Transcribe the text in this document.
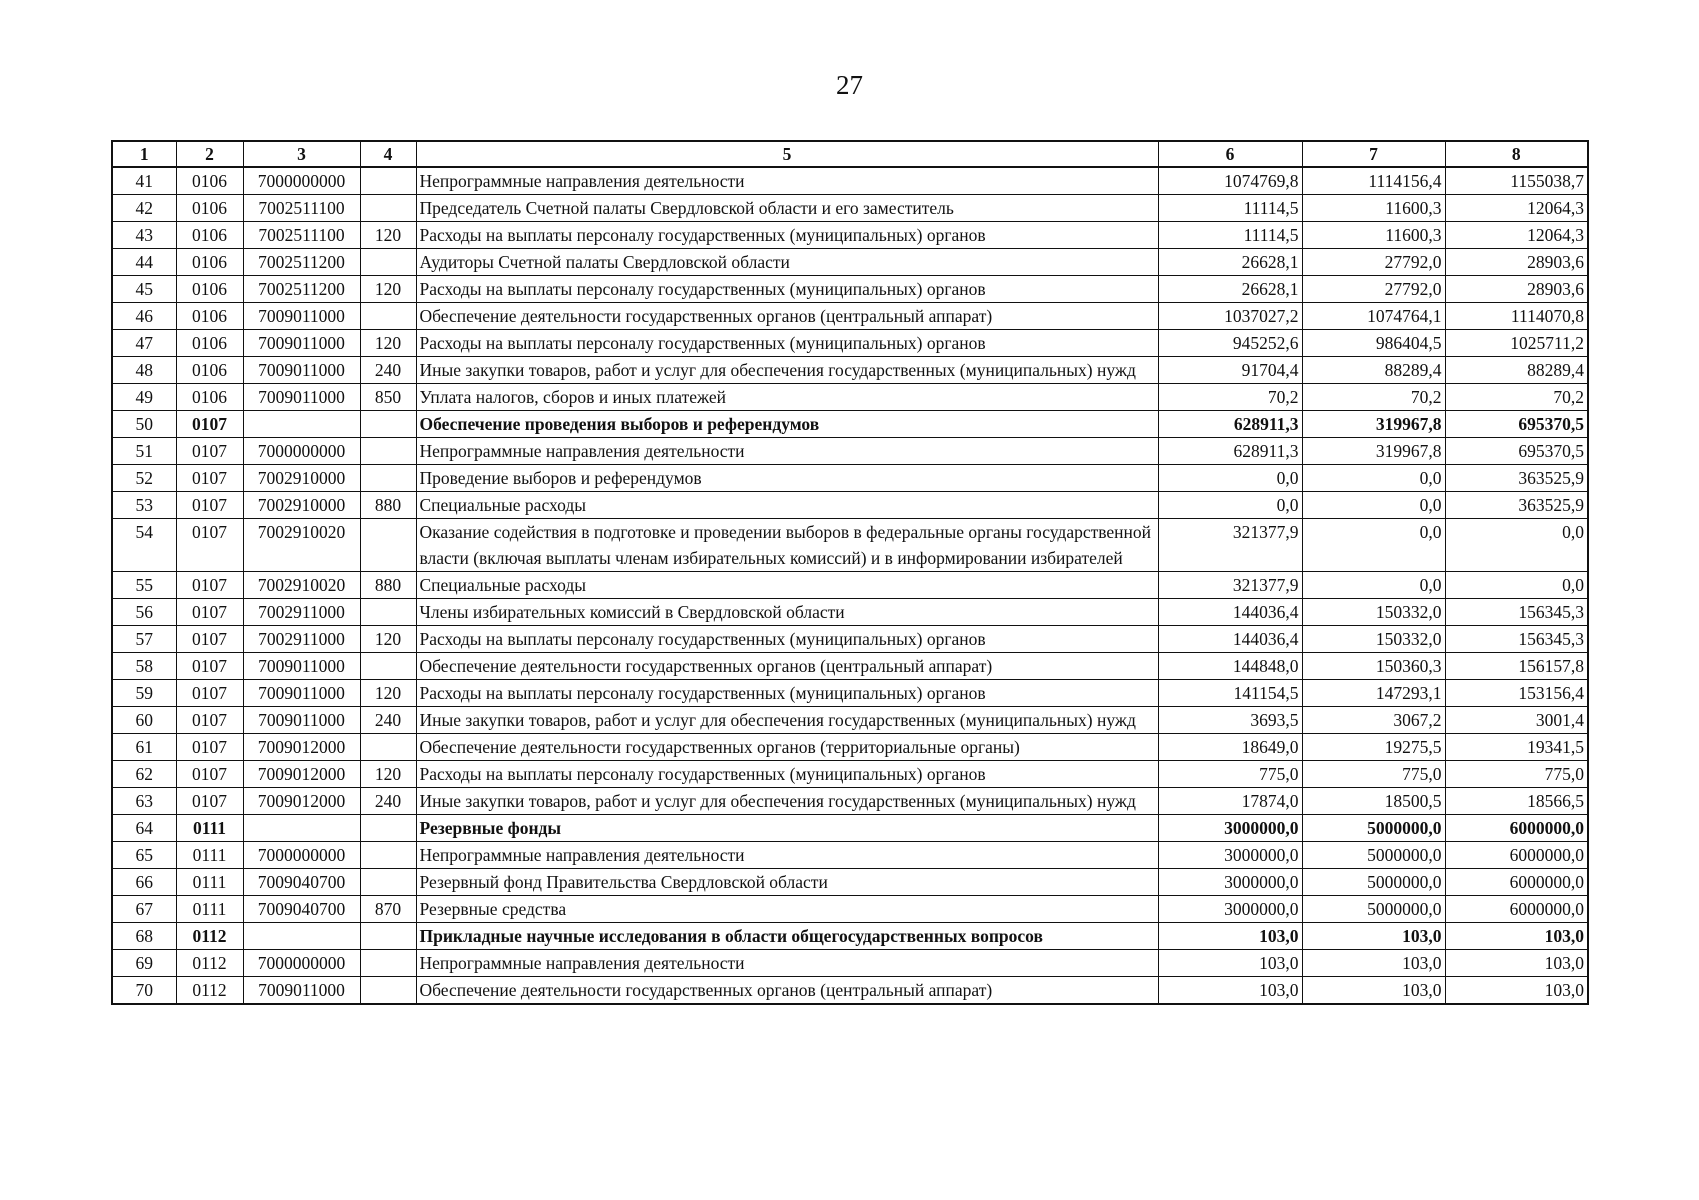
27
1	2	3	4	5	6	7	8
41	0106	7000000000		Непрограммные направления деятельности	1074769,8	1114156,4	1155038,7
42	0106	7002511100		Председатель Счетной палаты Свердловской области и его заместитель	11114,5	11600,3	12064,3
43	0106	7002511100	120	Расходы на выплаты персоналу государственных (муниципальных) органов	11114,5	11600,3	12064,3
44	0106	7002511200		Аудиторы Счетной палаты Свердловской области	26628,1	27792,0	28903,6
45	0106	7002511200	120	Расходы на выплаты персоналу государственных (муниципальных) органов	26628,1	27792,0	28903,6
46	0106	7009011000		Обеспечение деятельности государственных органов (центральный аппарат)	1037027,2	1074764,1	1114070,8
47	0106	7009011000	120	Расходы на выплаты персоналу государственных (муниципальных) органов	945252,6	986404,5	1025711,2
48	0106	7009011000	240	Иные закупки товаров, работ и услуг для обеспечения государственных (муниципальных) нужд	91704,4	88289,4	88289,4
49	0106	7009011000	850	Уплата налогов, сборов и иных платежей	70,2	70,2	70,2
50	0107			Обеспечение проведения выборов и референдумов	628911,3	319967,8	695370,5
51	0107	7000000000		Непрограммные направления деятельности	628911,3	319967,8	695370,5
52	0107	7002910000		Проведение выборов и референдумов	0,0	0,0	363525,9
53	0107	7002910000	880	Специальные расходы	0,0	0,0	363525,9
54	0107	7002910020		Оказание содействия в подготовке и проведении выборов в федеральные органы государственной власти (включая выплаты членам избирательных комиссий) и в информировании избирателей	321377,9	0,0	0,0
55	0107	7002910020	880	Специальные расходы	321377,9	0,0	0,0
56	0107	7002911000		Члены избирательных комиссий в Свердловской области	144036,4	150332,0	156345,3
57	0107	7002911000	120	Расходы на выплаты персоналу государственных (муниципальных) органов	144036,4	150332,0	156345,3
58	0107	7009011000		Обеспечение деятельности государственных органов (центральный аппарат)	144848,0	150360,3	156157,8
59	0107	7009011000	120	Расходы на выплаты персоналу государственных (муниципальных) органов	141154,5	147293,1	153156,4
60	0107	7009011000	240	Иные закупки товаров, работ и услуг для обеспечения государственных (муниципальных) нужд	3693,5	3067,2	3001,4
61	0107	7009012000		Обеспечение деятельности государственных органов (территориальные органы)	18649,0	19275,5	19341,5
62	0107	7009012000	120	Расходы на выплаты персоналу государственных (муниципальных) органов	775,0	775,0	775,0
63	0107	7009012000	240	Иные закупки товаров, работ и услуг для обеспечения государственных (муниципальных) нужд	17874,0	18500,5	18566,5
64	0111			Резервные фонды	3000000,0	5000000,0	6000000,0
65	0111	7000000000		Непрограммные направления деятельности	3000000,0	5000000,0	6000000,0
66	0111	7009040700		Резервный фонд Правительства Свердловской области	3000000,0	5000000,0	6000000,0
67	0111	7009040700	870	Резервные средства	3000000,0	5000000,0	6000000,0
68	0112			Прикладные научные исследования в области общегосударственных вопросов	103,0	103,0	103,0
69	0112	7000000000		Непрограммные направления деятельности	103,0	103,0	103,0
70	0112	7009011000		Обеспечение деятельности государственных органов (центральный аппарат)	103,0	103,0	103,0
